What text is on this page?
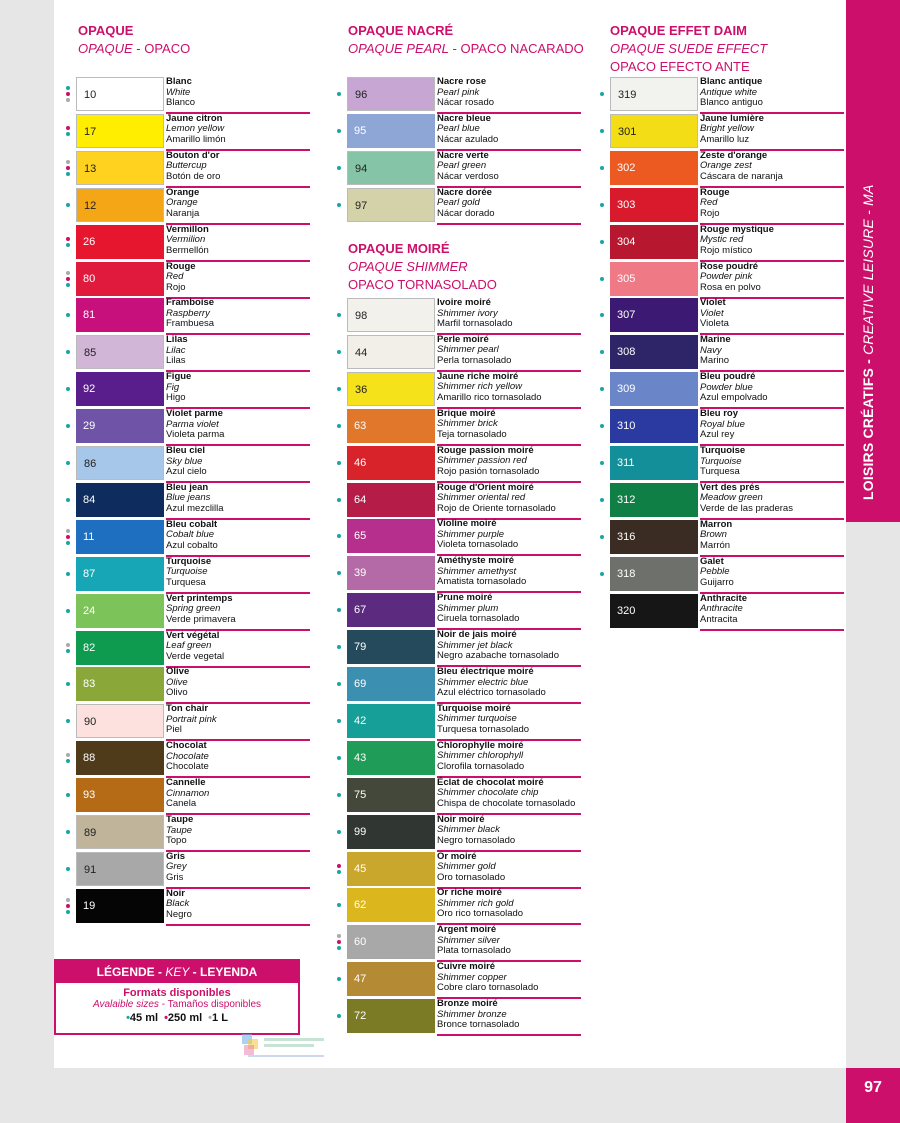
LOISIRS CRÉATIFS - CREATIVE LEISURE - MA
97
OPAQUE
OPAQUE - OPACO
10
Blanc
White
Blanco
17
Jaune citron
Lemon yellow
Amarillo limón
13
Bouton d'or
Buttercup
Botón de oro
12
Orange
Orange
Naranja
26
Vermillon
Vermilion
Bermellón
80
Rouge
Red
Rojo
81
Framboise
Raspberry
Frambuesa
85
Lilas
Lilac
Lilas
92
Figue
Fig
Higo
29
Violet parme
Parma violet
Violeta parma
86
Bleu ciel
Sky blue
Azul cielo
84
Bleu jean
Blue jeans
Azul mezclilla
11
Bleu cobalt
Cobalt blue
Azul cobalto
87
Turquoise
Turquoise
Turquesa
24
Vert printemps
Spring green
Verde primavera
82
Vert végétal
Leaf green
Verde vegetal
83
Olive
Olive
Olivo
90
Ton chair
Portrait pink
Piel
88
Chocolat
Chocolate
Chocolate
93
Cannelle
Cinnamon
Canela
89
Taupe
Taupe
Topo
91
Gris
Grey
Gris
19
Noir
Black
Negro
OPAQUE NACRÉ
OPAQUE PEARL - OPACO NACARADO
96
Nacre rose
Pearl pink
Nácar rosado
95
Nacre bleue
Pearl blue
Nácar azulado
94
Nacre verte
Pearl green
Nácar verdoso
97
Nacre dorée
Pearl gold
Nácar dorado
OPAQUE MOIRÉ
OPAQUE SHIMMER
OPACO TORNASOLADO
98
Ivoire moiré
Shimmer ivory
Marfil tornasolado
44
Perle moiré
Shimmer pearl
Perla tornasolado
36
Jaune riche moiré
Shimmer rich yellow
Amarillo rico tornasolado
63
Brique moiré
Shimmer brick
Teja tornasolado
46
Rouge passion moiré
Shimmer passion red
Rojo pasión tornasolado
64
Rouge d'Orient moiré
Shimmer oriental red
Rojo de Oriente tornasolado
65
Violine moiré
Shimmer purple
Violeta tornasolado
39
Améthyste moiré
Shimmer amethyst
Amatista tornasolado
67
Prune moiré
Shimmer plum
Ciruela tornasolado
79
Noir de jais moiré
Shimmer jet black
Negro azabache tornasolado
69
Bleu électrique moiré
Shimmer electric blue
Azul eléctrico tornasolado
42
Turquoise moiré
Shimmer turquoise
Turquesa tornasolado
43
Chlorophylle moiré
Shimmer chlorophyll
Clorofila tornasolado
75
Éclat de chocolat moiré
Shimmer chocolate chip
Chispa de chocolate tornasolado
99
Noir moiré
Shimmer black
Negro tornasolado
45
Or moiré
Shimmer gold
Oro tornasolado
62
Or riche moiré
Shimmer rich gold
Oro rico tornasolado
60
Argent moiré
Shimmer silver
Plata tornasolado
47
Cuivre moiré
Shimmer copper
Cobre claro tornasolado
72
Bronze moiré
Shimmer bronze
Bronce tornasolado
OPAQUE EFFET DAIM
OPAQUE SUEDE EFFECT
OPACO EFECTO ANTE
319
Blanc antique
Antique white
Blanco antiguo
301
Jaune lumière
Bright yellow
Amarillo luz
302
Zeste d'orange
Orange zest
Cáscara de naranja
303
Rouge
Red
Rojo
304
Rouge mystique
Mystic red
Rojo místico
305
Rose poudré
Powder pink
Rosa en polvo
307
Violet
Violet
Violeta
308
Marine
Navy
Marino
309
Bleu poudré
Powder blue
Azul empolvado
310
Bleu roy
Royal blue
Azul rey
311
Turquoise
Turquoise
Turquesa
312
Vert des prés
Meadow green
Verde de las praderas
316
Marron
Brown
Marrón
318
Galet
Pebble
Guijarro
320
Anthracite
Anthracite
Antracita
LÉGENDE - KEY - LEYENDA
Formats disponibles
Avalaible sizes - Tamaños disponibles
•45 ml •250 ml •1 L
